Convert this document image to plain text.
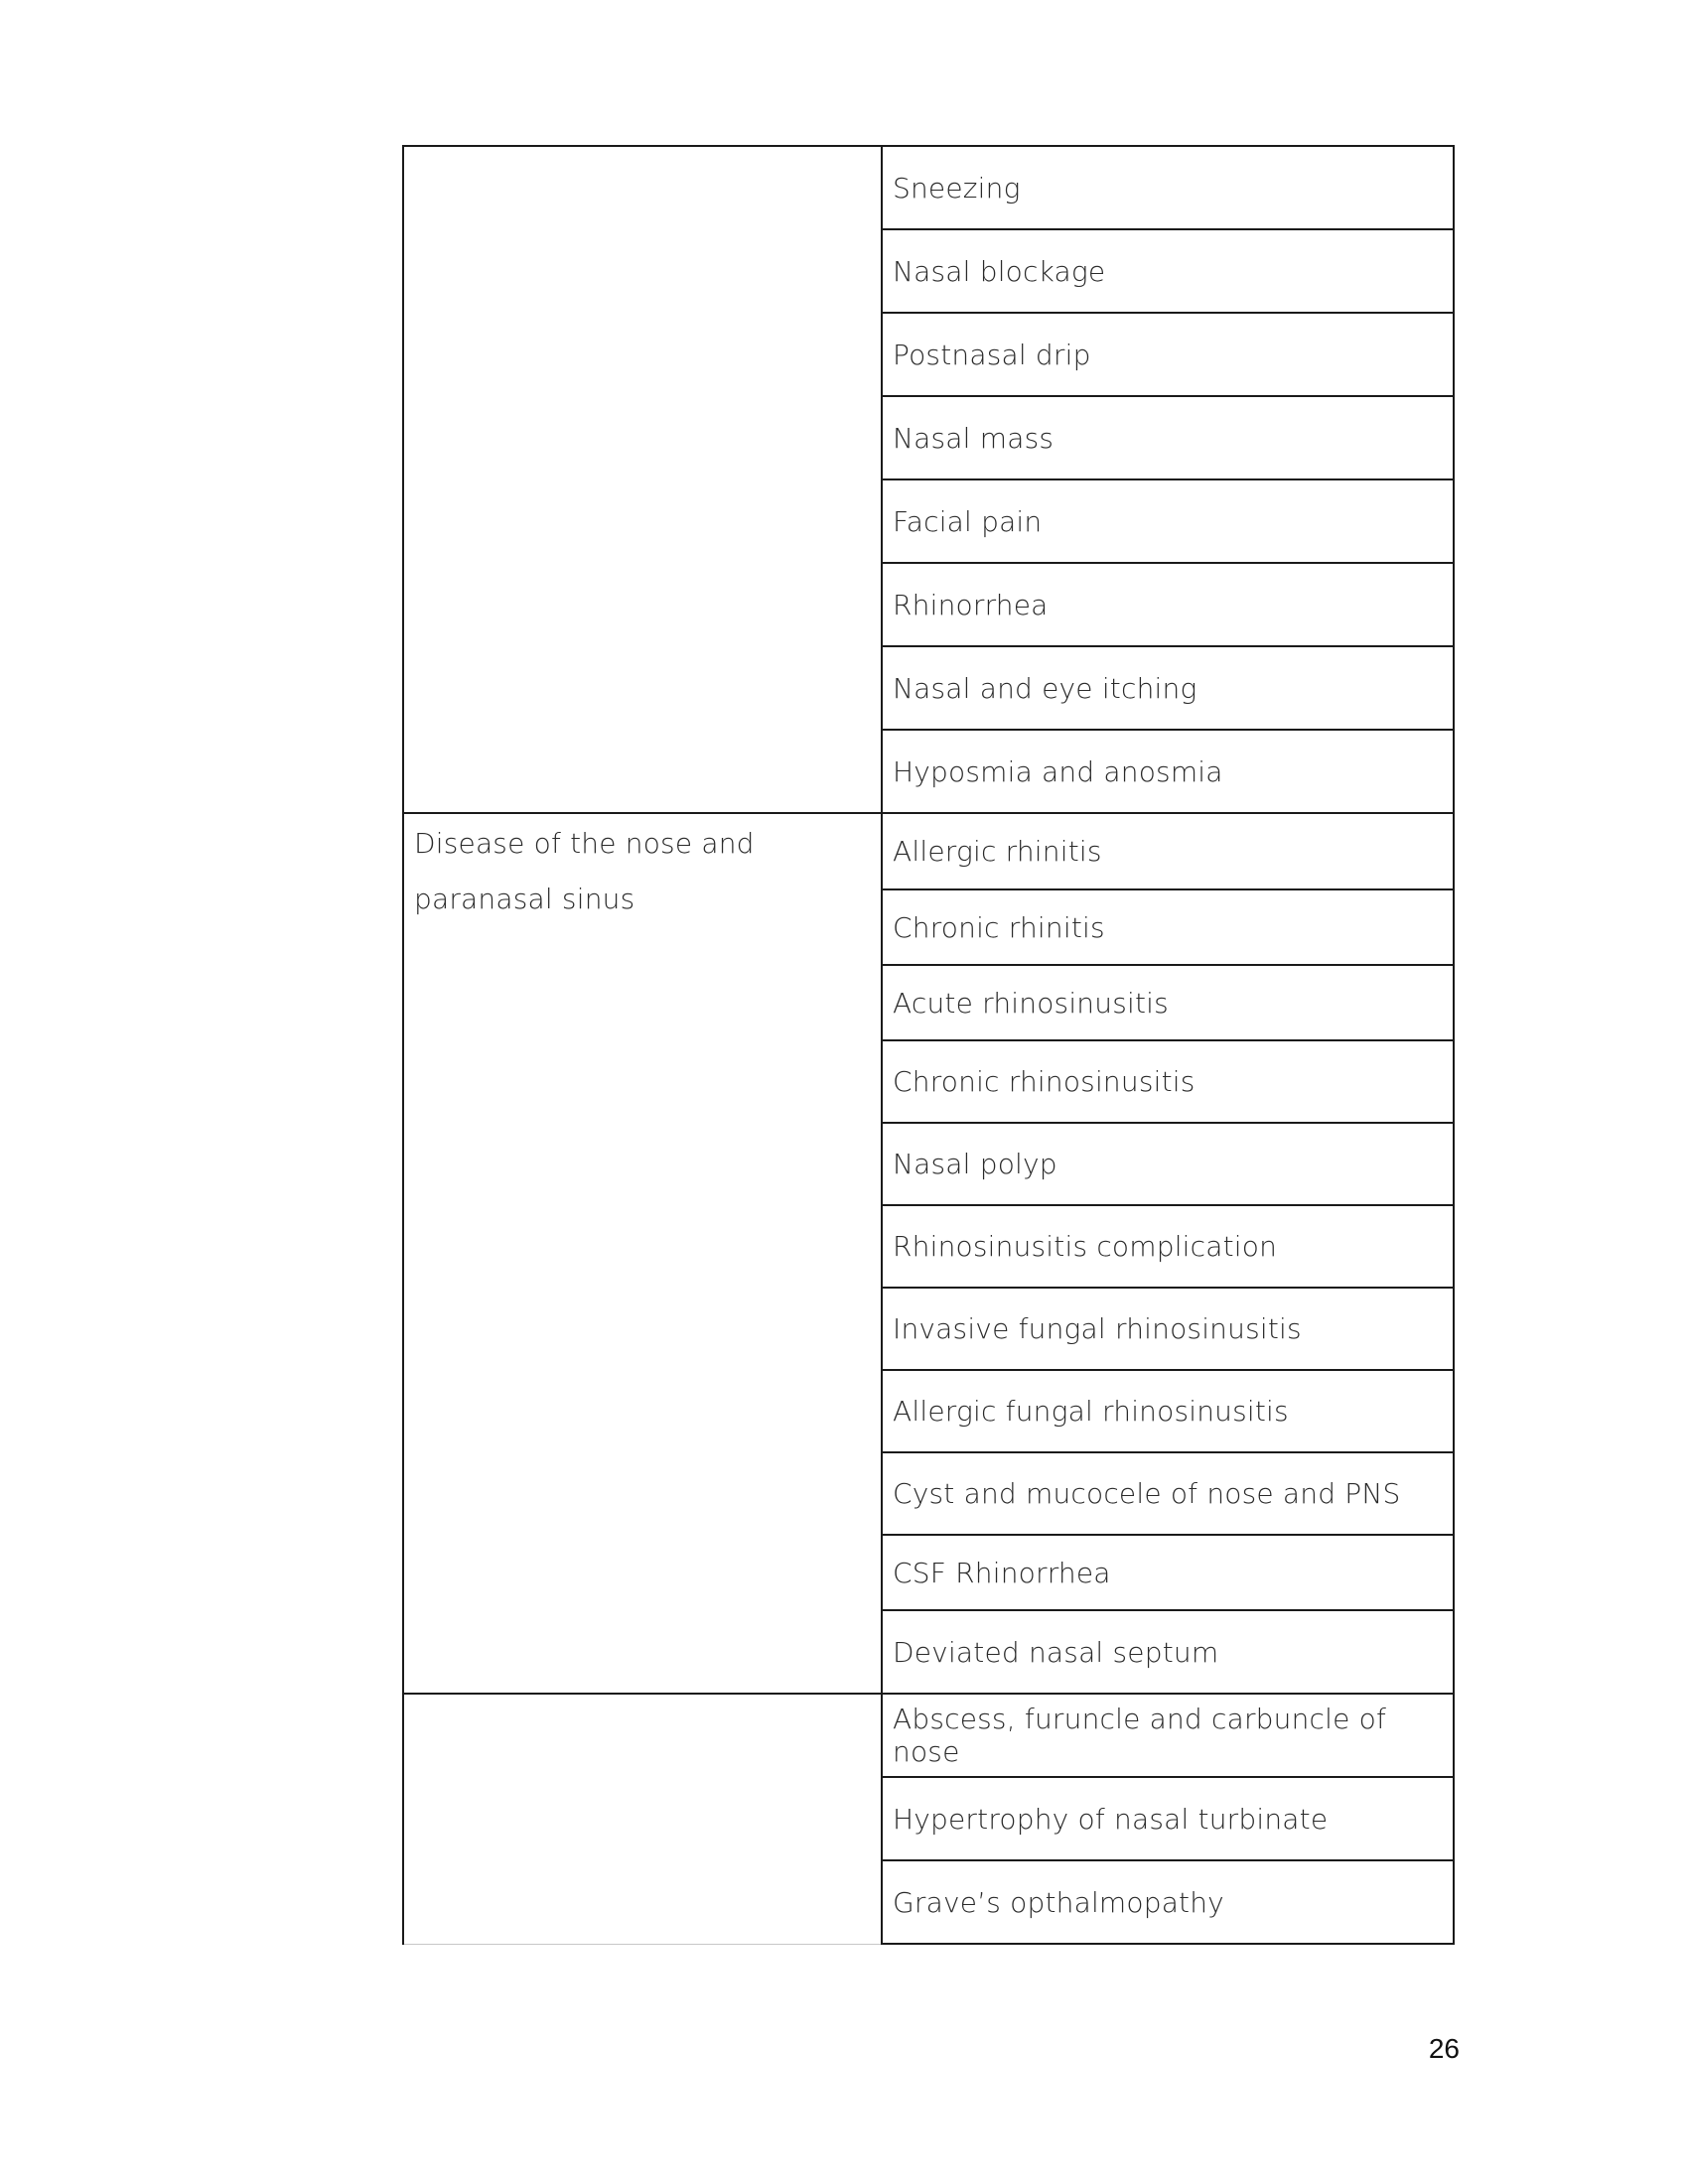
	Sneezing
	Nasal blockage
	Postnasal drip
	Nasal mass
	Facial pain
	Rhinorrhea
	Nasal and eye itching
	Hyposmia and anosmia
Disease of the nose and paranasal sinus	Allergic rhinitis
	Chronic rhinitis
	Acute rhinosinusitis
	Chronic rhinosinusitis
	Nasal polyp
	Rhinosinusitis complication
	Invasive fungal rhinosinusitis
	Allergic fungal rhinosinusitis
	Cyst and mucocele of nose and PNS
	CSF Rhinorrhea
	Deviated nasal septum
	Abscess, furuncle and carbuncle of nose
	Hypertrophy of nasal turbinate
	Grave’s opthalmopathy
26
